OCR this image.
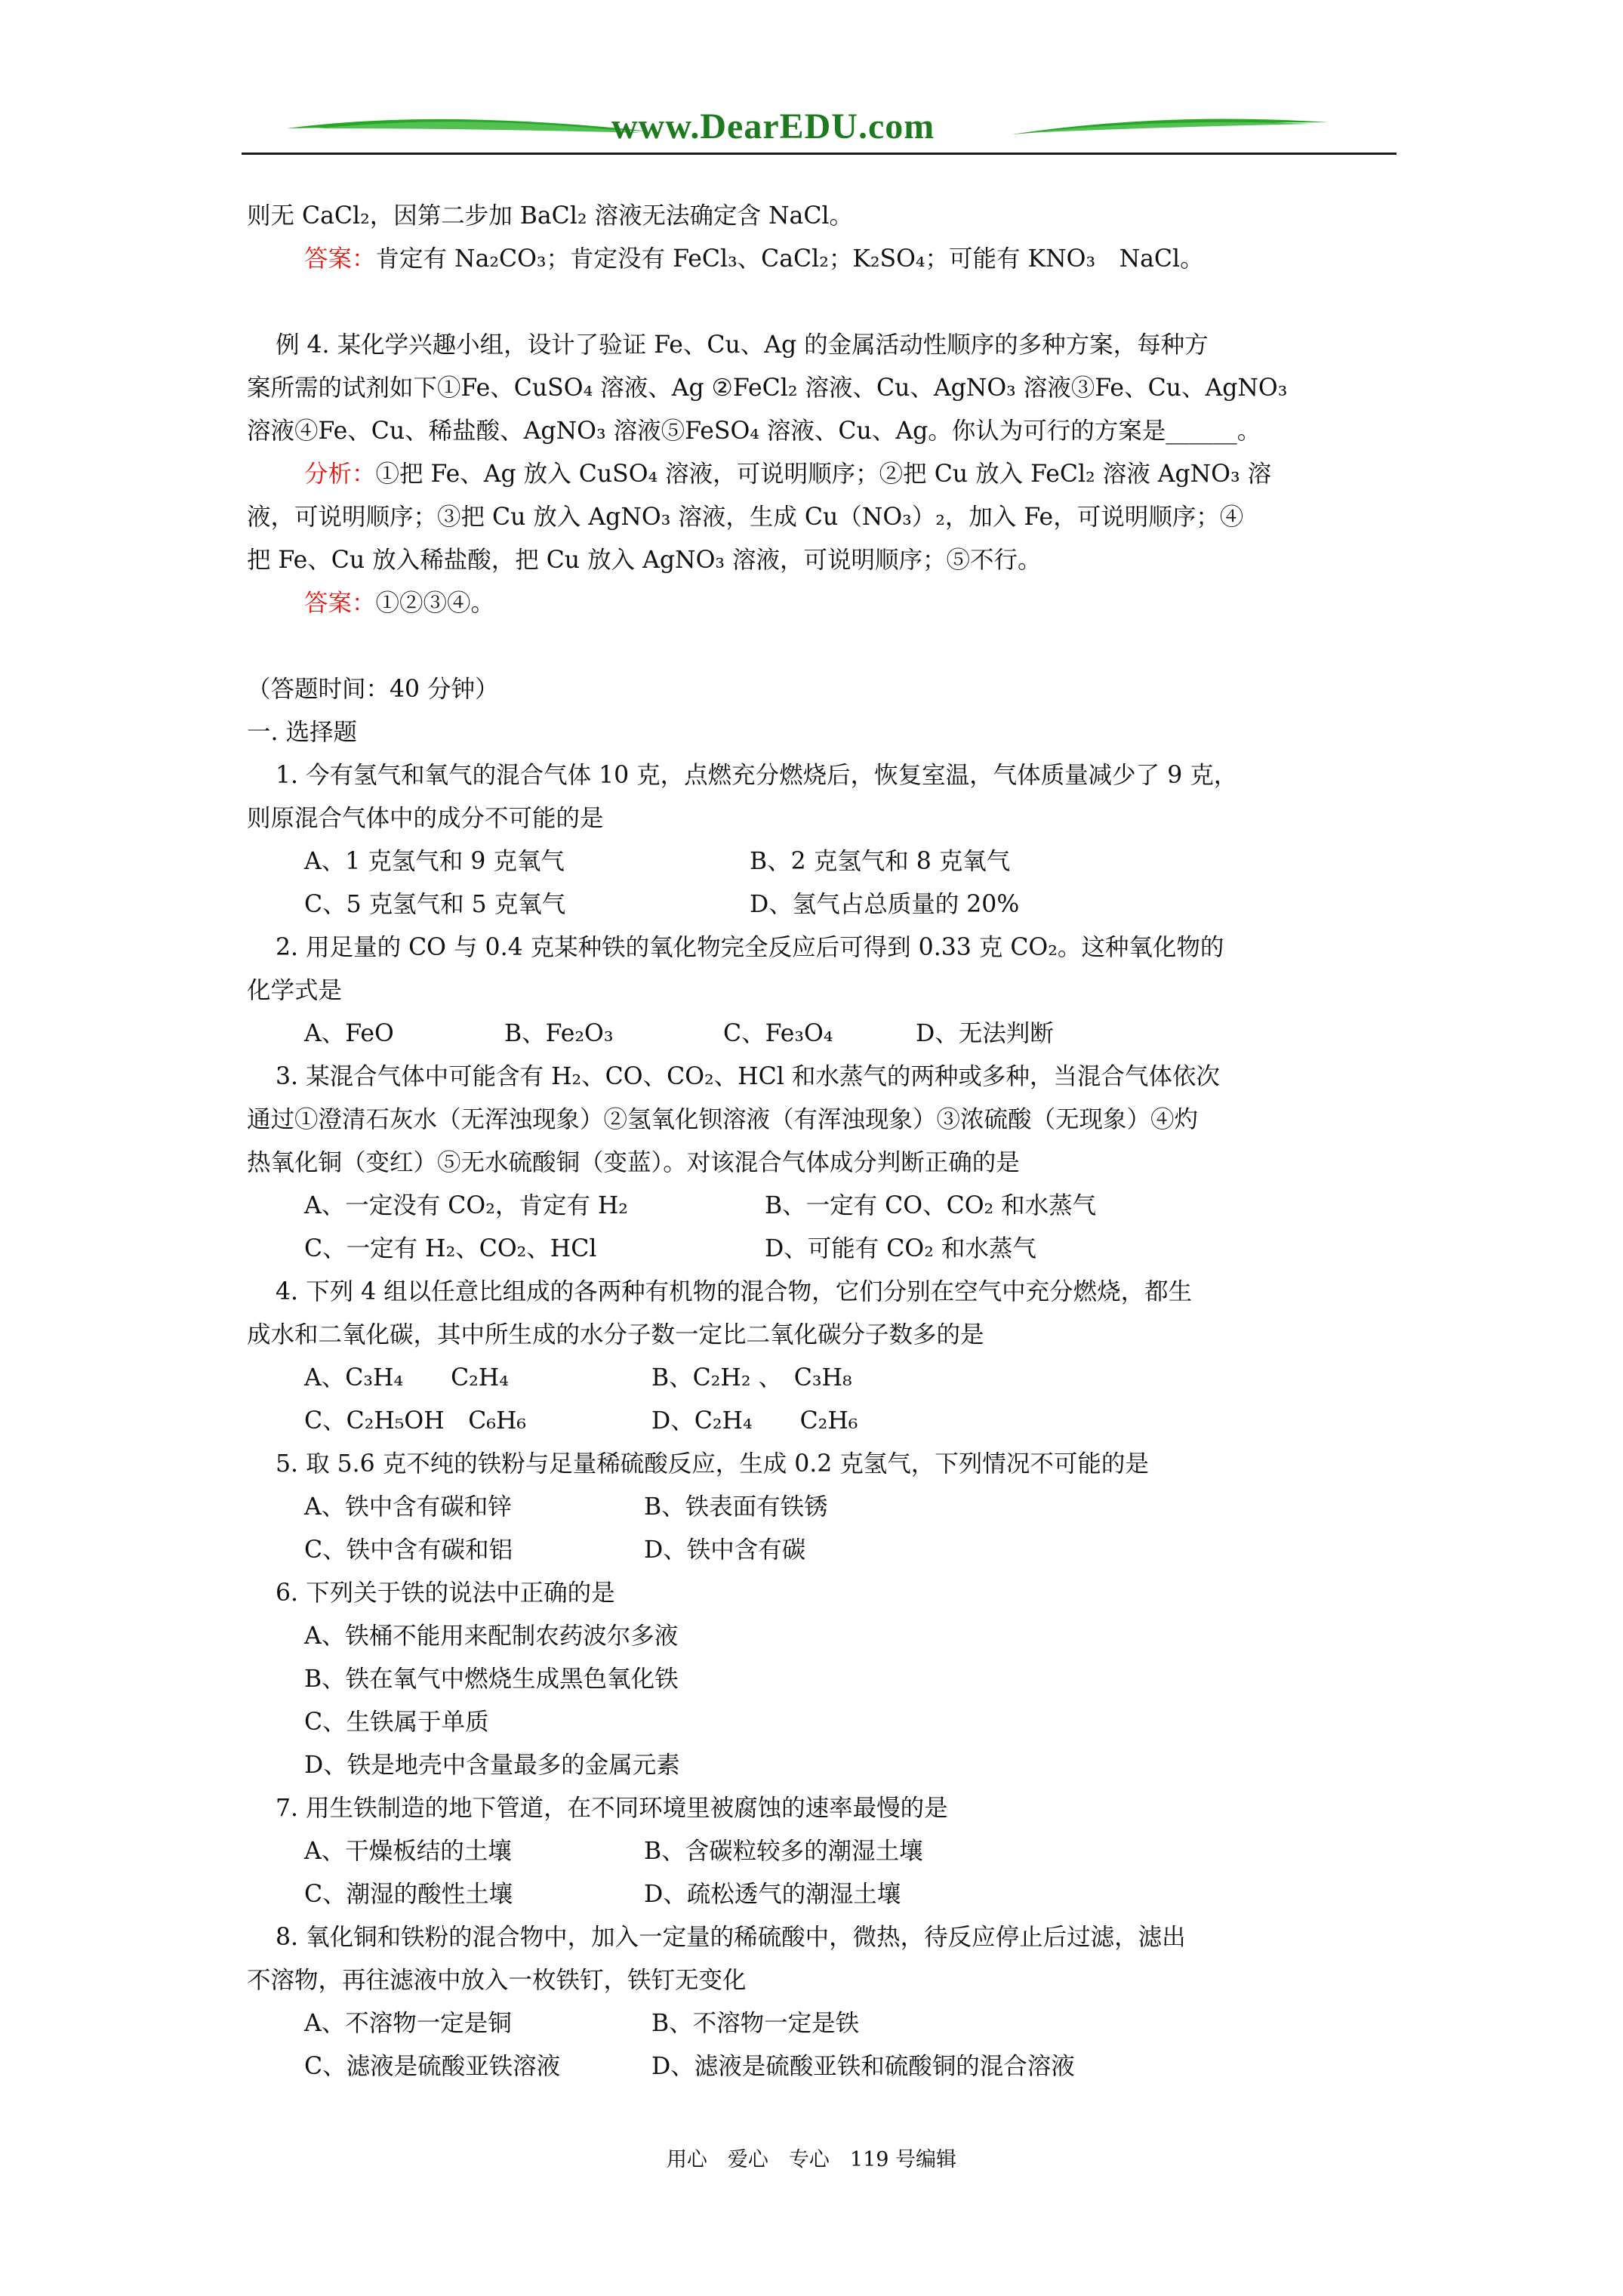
www.DearEDU.com

则无 CaCl₂，因第二步加 BaCl₂ 溶液无法确定含 NaCl。

答案：肯定有 Na₂CO₃；肯定没有 FeCl₃、CaCl₂；K₂SO₄；可能有 KNO₃　NaCl。

例 4. 某化学兴趣小组，设计了验证 Fe、Cu、Ag 的金属活动性顺序的多种方案，每种方

案所需的试剂如下①Fe、CuSO₄ 溶液、Ag ②FeCl₂ 溶液、Cu、AgNO₃ 溶液③Fe、Cu、AgNO₃

溶液④Fe、Cu、稀盐酸、AgNO₃ 溶液⑤FeSO₄ 溶液、Cu、Ag。你认为可行的方案是______。

分析：①把 Fe、Ag 放入 CuSO₄ 溶液，可说明顺序；②把 Cu 放入 FeCl₂ 溶液 AgNO₃ 溶

液，可说明顺序；③把 Cu 放入 AgNO₃ 溶液，生成 Cu（NO₃）₂，加入 Fe，可说明顺序；④

把 Fe、Cu 放入稀盐酸，把 Cu 放入 AgNO₃ 溶液，可说明顺序；⑤不行。

答案：①②③④。

（答题时间：40 分钟）

一. 选择题

1. 今有氢气和氧气的混合气体 10 克，点燃充分燃烧后，恢复室温，气体质量减少了 9 克，

则原混合气体中的成分不可能的是

A、1 克氢气和 9 克氧气	B、2 克氢气和 8 克氧气

C、5 克氢气和 5 克氧气	D、氢气占总质量的 20%

2. 用足量的 CO 与 0.4 克某种铁的氧化物完全反应后可得到 0.33 克 CO₂。这种氧化物的

化学式是

A、FeO	B、Fe₂O₃	C、Fe₃O₄	D、无法判断

3. 某混合气体中可能含有 H₂、CO、CO₂、HCl 和水蒸气的两种或多种，当混合气体依次

通过①澄清石灰水（无浑浊现象）②氢氧化钡溶液（有浑浊现象）③浓硫酸（无现象）④灼

热氧化铜（变红）⑤无水硫酸铜（变蓝）。对该混合气体成分判断正确的是

A、一定没有 CO₂，肯定有 H₂	B、一定有 CO、CO₂ 和水蒸气

C、一定有 H₂、CO₂、HCl	D、可能有 CO₂ 和水蒸气

4. 下列 4 组以任意比组成的各两种有机物的混合物，它们分别在空气中充分燃烧，都生

成水和二氧化碳，其中所生成的水分子数一定比二氧化碳分子数多的是

A、C₃H₄　　C₂H₄	B、C₂H₂ 、　C₃H₈

C、C₂H₅OH　C₆H₆	D、C₂H₄　　C₂H₆

5. 取 5.6 克不纯的铁粉与足量稀硫酸反应，生成 0.2 克氢气，下列情况不可能的是

A、铁中含有碳和锌	B、铁表面有铁锈

C、铁中含有碳和铝	D、铁中含有碳

6. 下列关于铁的说法中正确的是

A、铁桶不能用来配制农药波尔多液

B、铁在氧气中燃烧生成黑色氧化铁

C、生铁属于单质

D、铁是地壳中含量最多的金属元素

7. 用生铁制造的地下管道，在不同环境里被腐蚀的速率最慢的是

A、干燥板结的土壤	B、含碳粒较多的潮湿土壤

C、潮湿的酸性土壤	D、疏松透气的潮湿土壤

8. 氧化铜和铁粉的混合物中，加入一定量的稀硫酸中，微热，待反应停止后过滤，滤出

不溶物，再往滤液中放入一枚铁钉，铁钉无变化

A、不溶物一定是铜	B、不溶物一定是铁

C、滤液是硫酸亚铁溶液	D、滤液是硫酸亚铁和硫酸铜的混合溶液

用心　爱心　专心　119 号编辑
